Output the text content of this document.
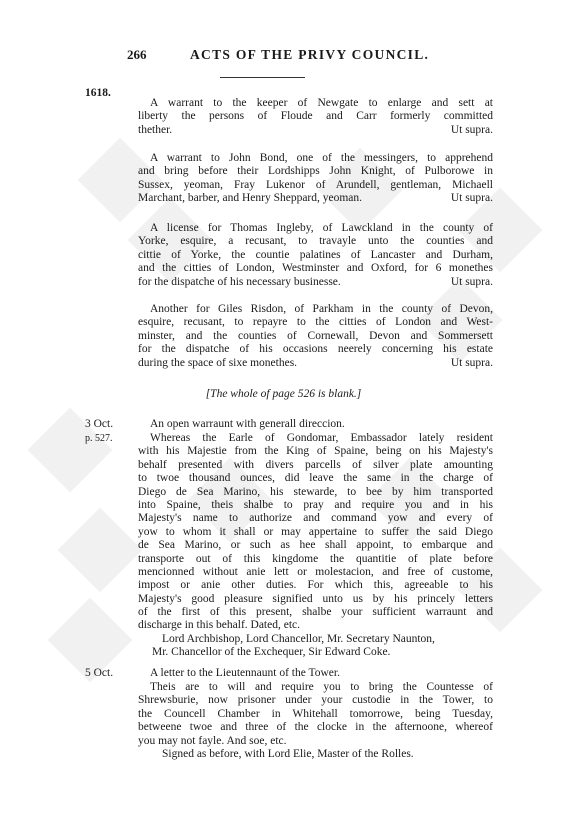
266	ACTS OF THE PRIVY COUNCIL.
1618.
3 Oct.
p. 527.
5 Oct.
A warrant to the keeper of Newgate to enlarge and sett at
liberty the persons of Floude and Carr formerly committed
thether.	Ut supra.
A warrant to John Bond, one of the messingers, to apprehend
and bring before their Lordshipps John Knight, of Pulborowe in
Sussex, yeoman, Fray Lukenor of Arundell, gentleman, Michaell
Marchant, barber, and Henry Sheppard, yeoman.	Ut supra.
A license for Thomas Ingleby, of Lawckland in the county of
Yorke, esquire, a recusant, to travayle unto the counties and
cittie of Yorke, the countie palatines of Lancaster and Durham,
and the citties of London, Westminster and Oxford, for 6 monethes
for the dispatche of his necessary businesse.	Ut supra.
Another for Giles Risdon, of Parkham in the county of Devon,
esquire, recusant, to repayre to the citties of London and West-
minster, and the counties of Cornewall, Devon and Sommersett
for the dispatche of his occasions neerely concerning his estate
during the space of sixe monethes.	Ut supra.
[The whole of page 526 is blank.]
An open warraunt with generall direccion.
Whereas the Earle of Gondomar, Embassador lately resident
with his Majestie from the King of Spaine, being on his Majesty's
behalf presented with divers parcells of silver plate amounting
to twoe thousand ounces, did leave the same in the charge of
Diego de Sea Marino, his stewarde, to bee by him transported
into Spaine, theis shalbe to pray and require you and in his
Majesty's name to authorize and command yow and every of
yow to whom it shall or may appertaine to suffer the said Diego
de Sea Marino, or such as hee shall appoint, to embarque and
transporte out of this kingdome the quantitie of plate before
mencionned without anie lett or molestacion, and free of custome,
impost or anie other duties. For which this, agreeable to his
Majesty's good pleasure signified unto us by his princely letters
of the first of this present, shalbe your sufficient warraunt and
discharge in this behalf. Dated, etc.
Lord Archbishop, Lord Chancellor, Mr. Secretary Naunton,
Mr. Chancellor of the Exchequer, Sir Edward Coke.
A letter to the Lieutennaunt of the Tower.
Theis are to will and require you to bring the Countesse of
Shrewsburie, now prisoner under your custodie in the Tower, to
the Councell Chamber in Whitehall tomorrowe, being Tuesday,
betweene twoe and three of the clocke in the afternoone, whereof
you may not fayle. And soe, etc.
Signed as before, with Lord Elie, Master of the Rolles.
